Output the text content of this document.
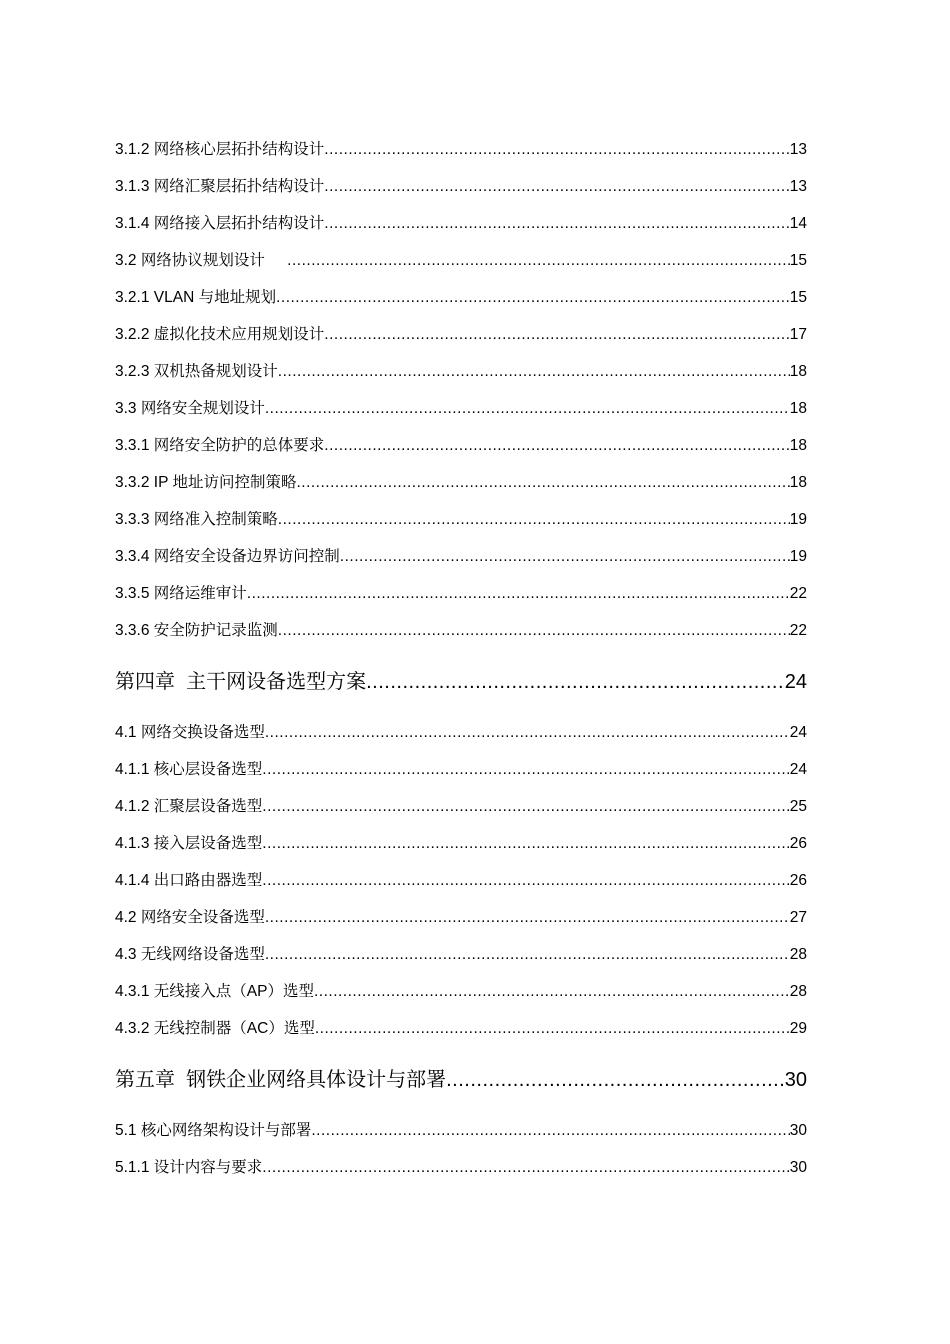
3.1.2 网络核心层拓扑结构设计 .....	13
3.1.3 网络汇聚层拓扑结构设计 .....	13
3.1.4 网络接入层拓扑结构设计 .....	14
3.2 网络协议规划设计 .....	15
3.2.1 VLAN 与地址规划 .....	15
3.2.2 虚拟化技术应用规划设计 .....	17
3.2.3 双机热备规划设计 .....	18
3.3 网络安全规划设计 .....	18
3.3.1 网络安全防护的总体要求 .....	18
3.3.2 IP 地址访问控制策略 .....	18
3.3.3 网络准入控制策略 .....	19
3.3.4 网络安全设备边界访问控制 .....	19
3.3.5 网络运维审计 .....	22
3.3.6 安全防护记录监测 .....	22
第四章  主干网设备选型方案 .....	24
4.1 网络交换设备选型 .....	24
4.1.1 核心层设备选型 .....	24
4.1.2 汇聚层设备选型 .....	25
4.1.3 接入层设备选型 .....	26
4.1.4 出口路由器选型 .....	26
4.2 网络安全设备选型 .....	27
4.3 无线网络设备选型 .....	28
4.3.1 无线接入点（AP）选型 .....	28
4.3.2 无线控制器（AC）选型 .....	29
第五章  钢铁企业网络具体设计与部署 .....	30
5.1 核心网络架构设计与部署 .....	30
5.1.1 设计内容与要求 .....	30
